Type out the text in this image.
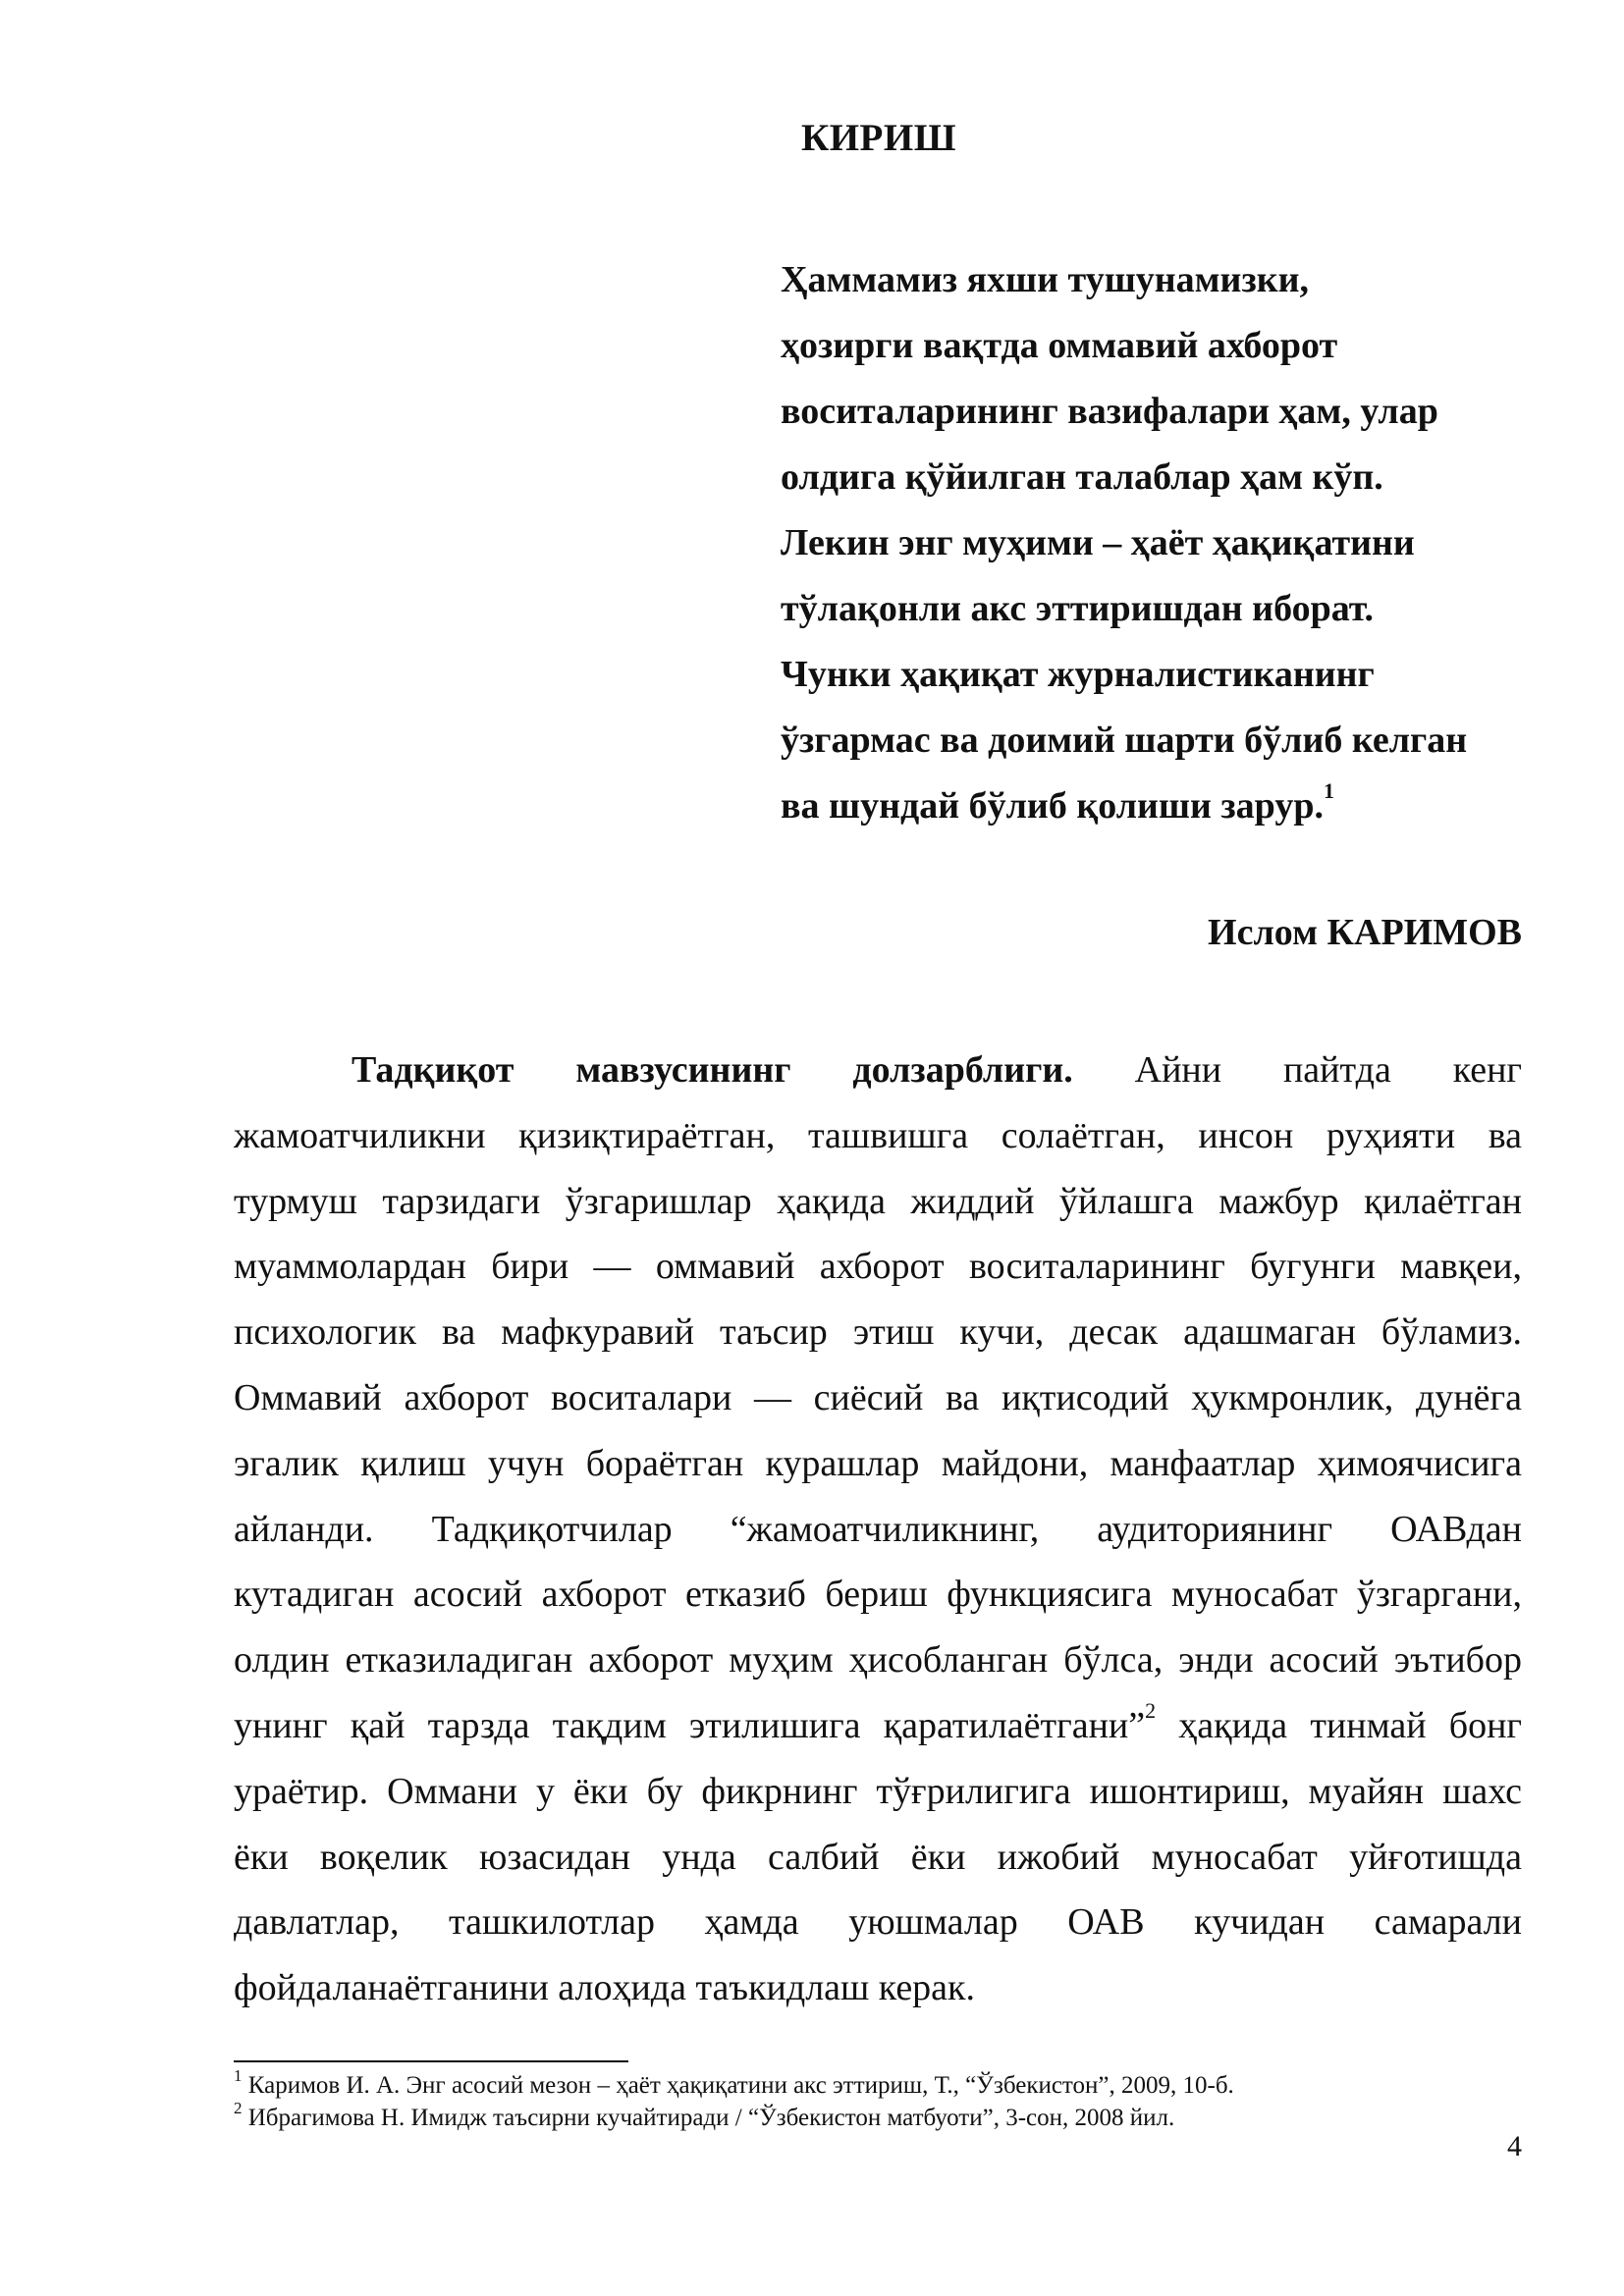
КИРИШ
Ҳаммамиз яхши тушунамизки,
ҳозирги вақтда оммавий ахборот
воситаларининг вазифалари ҳам, улар
олдига қўйилган талаблар ҳам кўп.
Лекин энг муҳими – ҳаёт ҳақиқатини
тўлақонли акс эттиришдан иборат.
Чунки ҳақиқат журналистиканинг
ўзгармас ва доимий шарти бўлиб келган
ва шундай бўлиб қолиши зарур.$^1$
Ислом КАРИМОВ
Тадқиқот мавзусининг долзарблиги. Айни пайтда кенг
жамоатчиликни қизиқтираётган, ташвишга солаётган, инсон руҳияти ва
турмуш тарзидаги ўзгаришлар ҳақида жиддий ўйлашга мажбур қилаётган
муаммолардан бири — оммавий ахборот воситаларининг бугунги мавқеи,
психологик ва мафкуравий таъсир этиш кучи, десак адашмаган бўламиз.
Оммавий ахборот воситалари — сиёсий ва иқтисодий ҳукмронлик, дунёга
эгалик қилиш учун бораётган курашлар майдони, манфаатлар ҳимоячисига
айланди. Тадқиқотчилар “жамоатчиликнинг, аудиториянинг ОАВдан
кутадиган асосий ахборот етказиб бериш функциясига муносабат ўзгаргани,
олдин етказиладиган ахборот муҳим ҳисобланган бўлса, энди асосий эътибор
унинг қай тарзда тақдим этилишига қаратилаётгани”$^2$ ҳақида тинмай бонг
ураётир. Оммани у ёки бу фикрнинг тўғрилигига ишонтириш, муайян шахс
ёки воқелик юзасидан унда салбий ёки ижобий муносабат уйғотишда
давлатлар, ташкилотлар ҳамда уюшмалар ОАВ кучидан самарали
фойдаланаётганини алоҳида таъкидлаш керак.
$^1$ Каримов И. А. Энг асосий мезон – ҳаёт ҳақиқатини акс эттириш, Т., “Ўзбекистон”, 2009, 10-б.
$^2$ Ибрагимова Н. Имидж таъсирни кучайтиради / “Ўзбекистон матбуоти”, 3-сон, 2008 йил.
4
